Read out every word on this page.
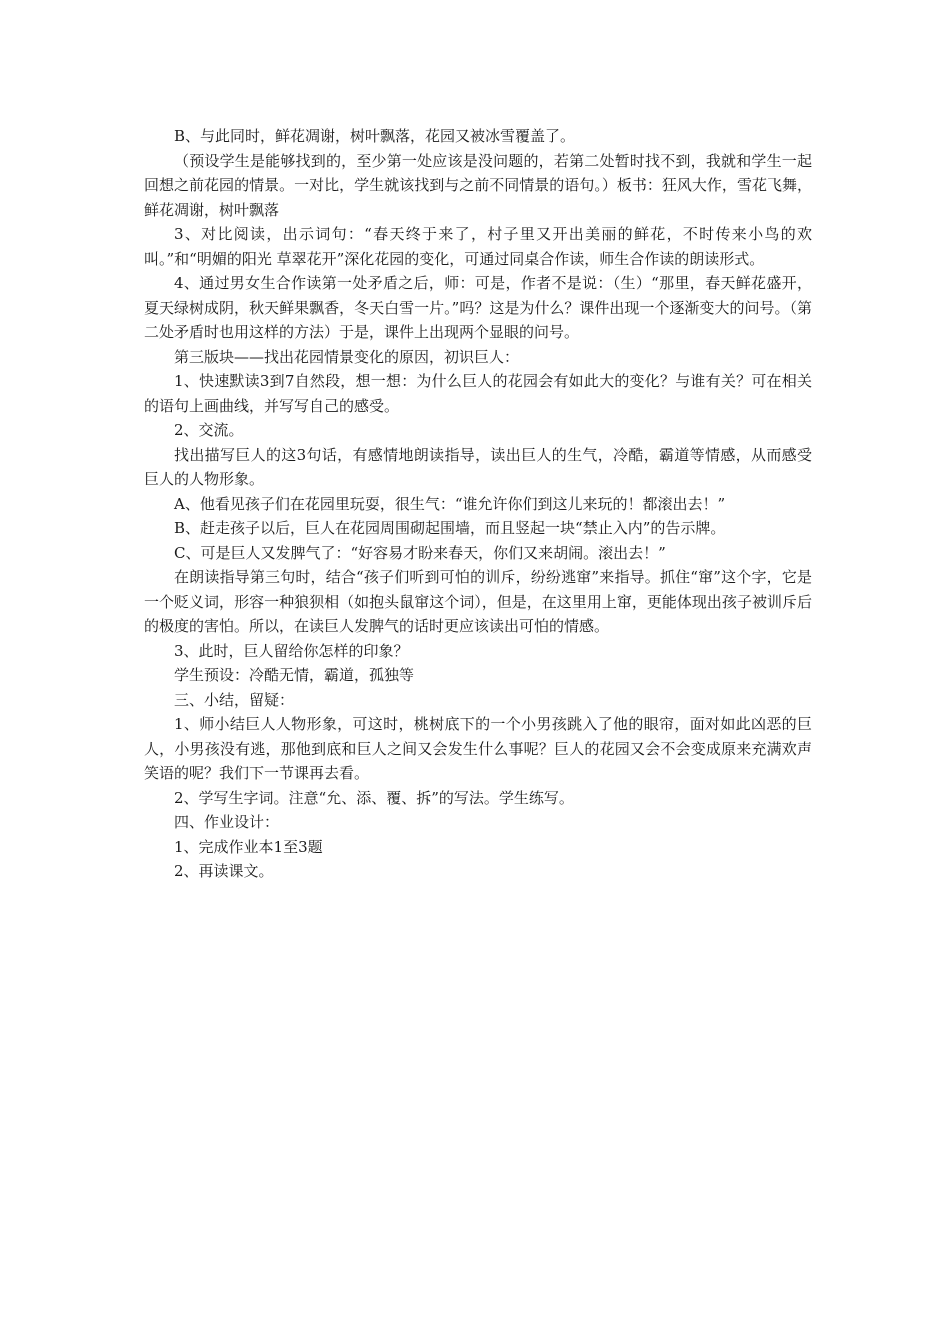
B、与此同时，鲜花凋谢，树叶飘落，花园又被冰雪覆盖了。

（预设学生是能够找到的，至少第一处应该是没问题的，若第二处暂时找不到，我就和学生一起回想之前花园的情景。一对比，学生就该找到与之前不同情景的语句。）板书：狂风大作，雪花飞舞，鲜花凋谢，树叶飘落

3、对比阅读，出示词句：“春天终于来了，村子里又开出美丽的鲜花，不时传来小鸟的欢叫。”和“明媚的阳光 草翠花开”深化花园的变化，可通过同桌合作读，师生合作读的朗读形式。

4、通过男女生合作读第一处矛盾之后，师：可是，作者不是说：（生）“那里，春天鲜花盛开，夏天绿树成阴，秋天鲜果飘香，冬天白雪一片。”吗？这是为什么？课件出现一个逐渐变大的问号。（第二处矛盾时也用这样的方法）于是，课件上出现两个显眼的问号。

第三版块——找出花园情景变化的原因，初识巨人：

1、快速默读3到7自然段，想一想：为什么巨人的花园会有如此大的变化？与谁有关？可在相关的语句上画曲线，并写写自己的感受。

2、交流。

找出描写巨人的这3句话，有感情地朗读指导，读出巨人的生气，冷酷，霸道等情感，从而感受巨人的人物形象。

A、他看见孩子们在花园里玩耍，很生气：“谁允许你们到这儿来玩的！都滚出去！”

B、赶走孩子以后，巨人在花园周围砌起围墙，而且竖起一块“禁止入内”的告示牌。

C、可是巨人又发脾气了：“好容易才盼来春天，你们又来胡闹。滚出去！”

在朗读指导第三句时，结合“孩子们听到可怕的训斥，纷纷逃窜”来指导。抓住“窜”这个字，它是一个贬义词，形容一种狼狈相（如抱头鼠窜这个词），但是，在这里用上窜，更能体现出孩子被训斥后的极度的害怕。所以，在读巨人发脾气的话时更应该读出可怕的情感。

3、此时，巨人留给你怎样的印象？

学生预设：冷酷无情，霸道，孤独等

三、小结，留疑：

1、师小结巨人人物形象，可这时，桃树底下的一个小男孩跳入了他的眼帘，面对如此凶恶的巨人，小男孩没有逃，那他到底和巨人之间又会发生什么事呢？巨人的花园又会不会变成原来充满欢声笑语的呢？我们下一节课再去看。

2、学写生字词。注意“允、添、覆、拆”的写法。学生练写。

四、作业设计：

1、完成作业本1至3题

2、再读课文。
